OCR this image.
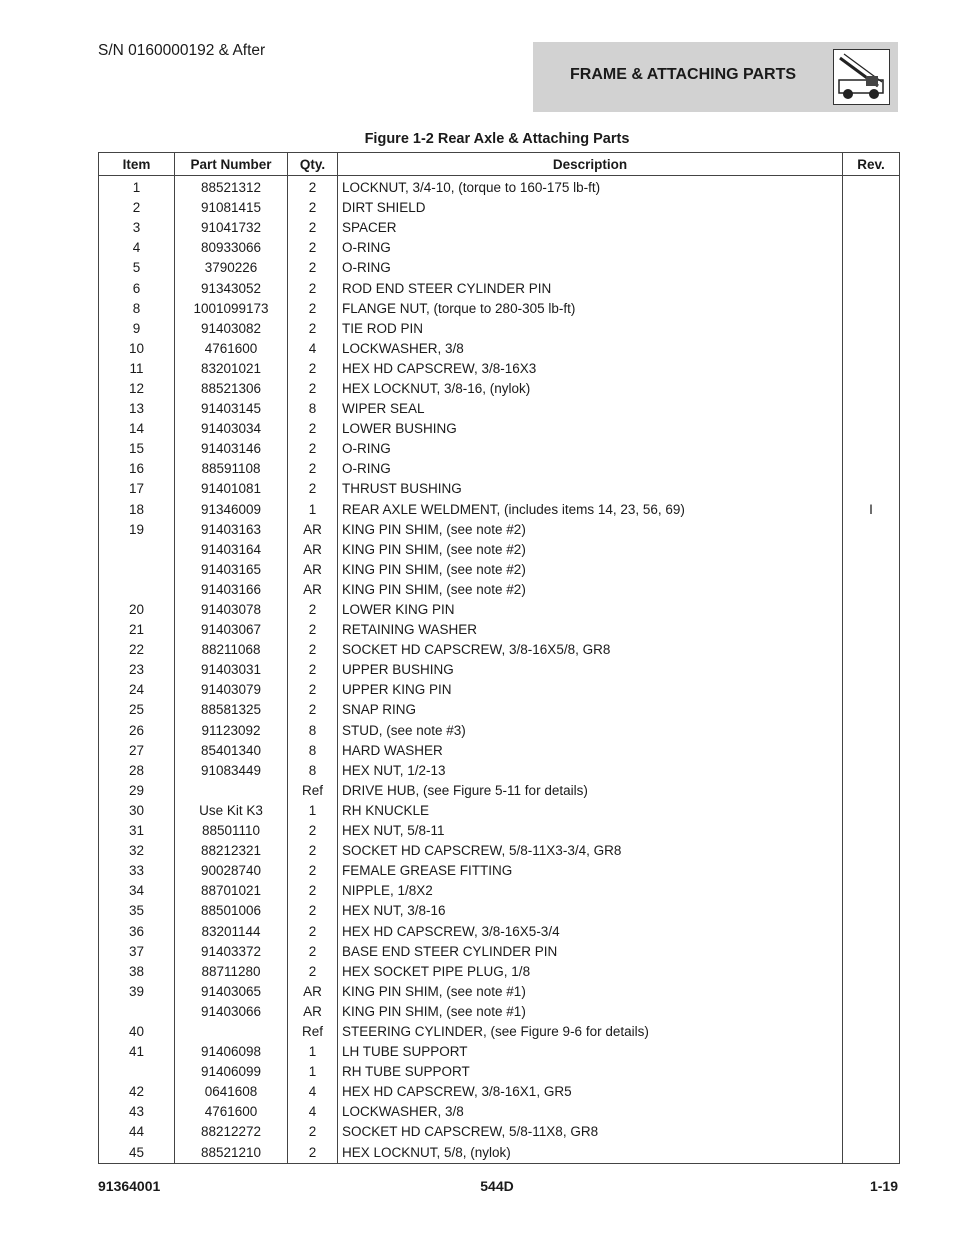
S/N 0160000192 & After
FRAME & ATTACHING PARTS
Figure 1-2 Rear Axle & Attaching Parts
Item	Part Number	Qty.	Description	Rev.
1	88521312	2	LOCKNUT, 3/4-10, (torque to 160-175 lb-ft)	
2	91081415	2	DIRT SHIELD	
3	91041732	2	SPACER	
4	80933066	2	O-RING	
5	3790226	2	O-RING	
6	91343052	2	ROD END STEER CYLINDER PIN	
8	1001099173	2	FLANGE NUT, (torque to 280-305 lb-ft)	
9	91403082	2	TIE ROD PIN	
10	4761600	4	LOCKWASHER, 3/8	
11	83201021	2	HEX HD CAPSCREW, 3/8-16X3	
12	88521306	2	HEX LOCKNUT, 3/8-16, (nylok)	
13	91403145	8	WIPER SEAL	
14	91403034	2	LOWER BUSHING	
15	91403146	2	O-RING	
16	88591108	2	O-RING	
17	91401081	2	THRUST BUSHING	
18	91346009	1	REAR AXLE WELDMENT, (includes items 14, 23, 56, 69)	I
19	91403163	AR	KING PIN SHIM, (see note #2)	
	91403164	AR	KING PIN SHIM, (see note #2)	
	91403165	AR	KING PIN SHIM, (see note #2)	
	91403166	AR	KING PIN SHIM, (see note #2)	
20	91403078	2	LOWER KING PIN	
21	91403067	2	RETAINING WASHER	
22	88211068	2	SOCKET HD CAPSCREW, 3/8-16X5/8, GR8	
23	91403031	2	UPPER BUSHING	
24	91403079	2	UPPER KING PIN	
25	88581325	2	SNAP RING	
26	91123092	8	STUD, (see note #3)	
27	85401340	8	HARD WASHER	
28	91083449	8	HEX NUT, 1/2-13	
29		Ref	DRIVE HUB, (see Figure 5-11 for details)	
30	Use Kit K3	1	RH KNUCKLE	
31	88501110	2	HEX NUT, 5/8-11	
32	88212321	2	SOCKET HD CAPSCREW, 5/8-11X3-3/4, GR8	
33	90028740	2	FEMALE GREASE FITTING	
34	88701021	2	NIPPLE, 1/8X2	
35	88501006	2	HEX NUT, 3/8-16	
36	83201144	2	HEX HD CAPSCREW, 3/8-16X5-3/4	
37	91403372	2	BASE END STEER CYLINDER PIN	
38	88711280	2	HEX SOCKET PIPE PLUG, 1/8	
39	91403065	AR	KING PIN SHIM, (see note #1)	
	91403066	AR	KING PIN SHIM, (see note #1)	
40		Ref	STEERING CYLINDER, (see Figure 9-6 for details)	
41	91406098	1	LH TUBE SUPPORT	
	91406099	1	RH TUBE SUPPORT	
42	0641608	4	HEX HD CAPSCREW, 3/8-16X1, GR5	
43	4761600	4	LOCKWASHER, 3/8	
44	88212272	2	SOCKET HD CAPSCREW, 5/8-11X8, GR8	
45	88521210	2	HEX LOCKNUT, 5/8, (nylok)	
91364001	544D	1-19
